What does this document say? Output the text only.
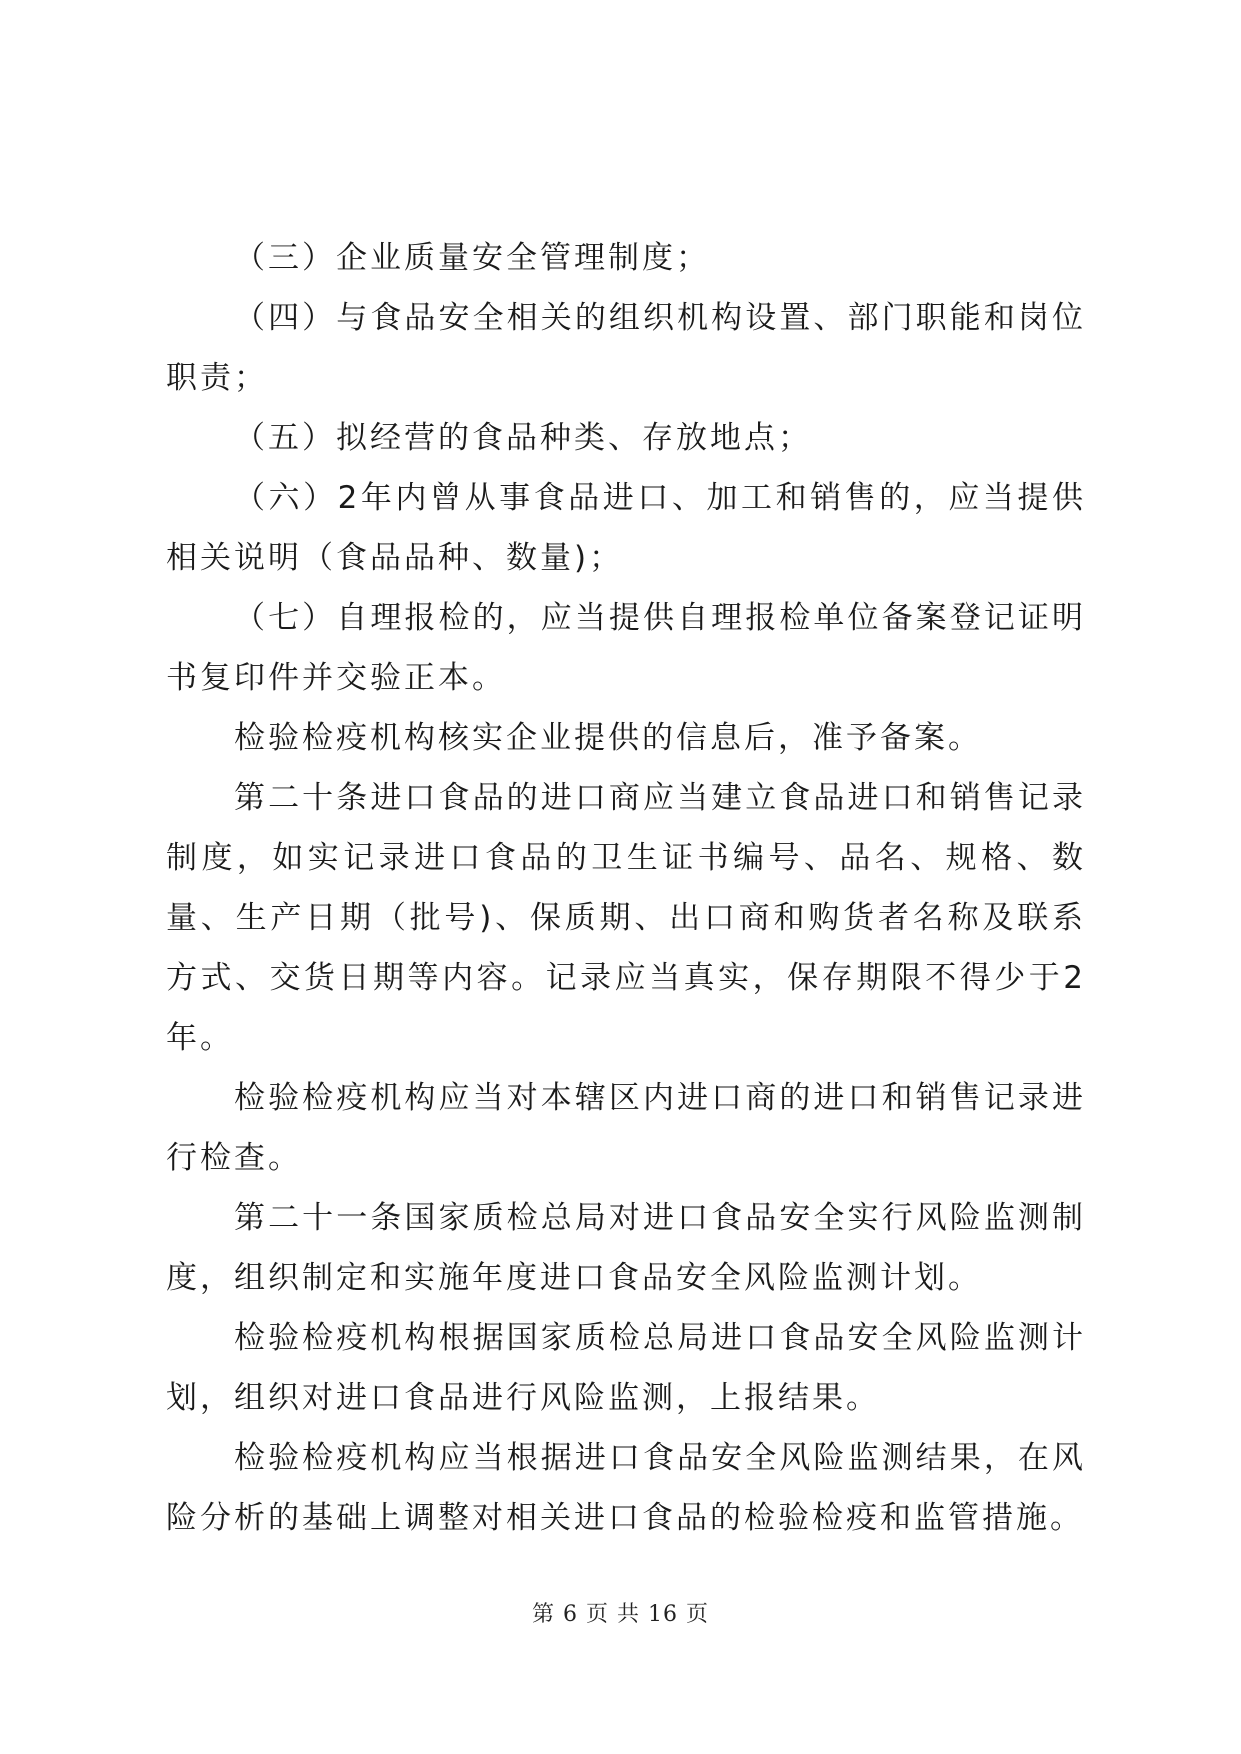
（三）企业质量安全管理制度；

（四）与食品安全相关的组织机构设置、部门职能和岗位职责；

（五）拟经营的食品种类、存放地点；

（六）2年内曾从事食品进口、加工和销售的，应当提供相关说明（食品品种、数量)；

（七）自理报检的，应当提供自理报检单位备案登记证明书复印件并交验正本。

检验检疫机构核实企业提供的信息后，准予备案。

第二十条进口食品的进口商应当建立食品进口和销售记录制度，如实记录进口食品的卫生证书编号、品名、规格、数量、生产日期（批号)、保质期、出口商和购货者名称及联系方式、交货日期等内容。记录应当真实，保存期限不得少于2年。

检验检疫机构应当对本辖区内进口商的进口和销售记录进行检查。

第二十一条国家质检总局对进口食品安全实行风险监测制度，组织制定和实施年度进口食品安全风险监测计划。

检验检疫机构根据国家质检总局进口食品安全风险监测计划，组织对进口食品进行风险监测，上报结果。

检验检疫机构应当根据进口食品安全风险监测结果，在风险分析的基础上调整对相关进口食品的检验检疫和监管措施。

第 6 页 共 16 页
